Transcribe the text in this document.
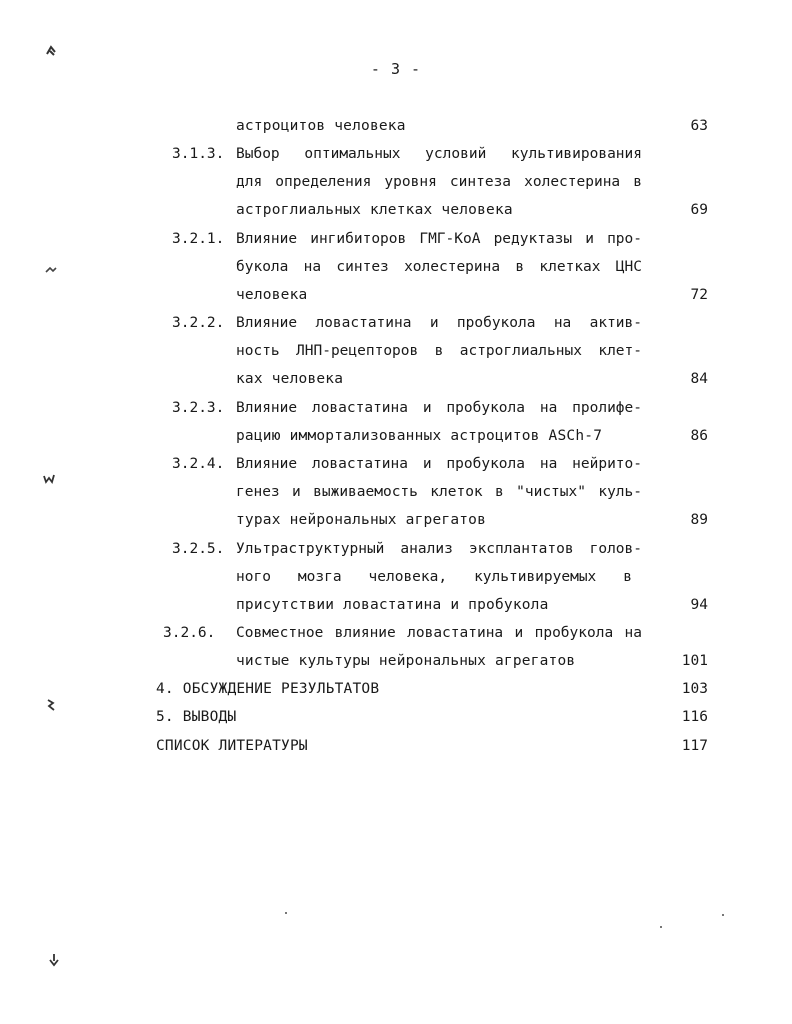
- 3 -
астроцитов человека	63
3.1.3. Выбор оптимальных условий культивирования
для определения уровня синтеза холестерина в
астроглиальных клетках человека	69
3.2.1. Влияние ингибиторов ГМГ-КоА редуктазы и про-
букола на синтез холестерина в клетках ЦНС
человека	72
3.2.2. Влияние ловастатина и пробукола на актив-
ность ЛНП-рецепторов в астроглиальных клет-
ках человека	84
3.2.3. Влияние ловастатина и пробукола на пролифе-
рацию иммортализованных астроцитов ASCh-7	86
3.2.4. Влияние ловастатина и пробукола на нейрито-
генез и выживаемость клеток в "чистых" куль-
турах нейрональных агрегатов	89
3.2.5. Ультраструктурный анализ эксплантатов голов-
ного мозга человека, культивируемых в
присутствии ловастатина и пробукола	94
3.2.6. Совместное влияние ловастатина и пробукола на
чистые культуры нейрональных агрегатов	101
4. ОБСУЖДЕНИЕ РЕЗУЛЬТАТОВ	103
5. ВЫВОДЫ	116
СПИСОК ЛИТЕРАТУРЫ	117
